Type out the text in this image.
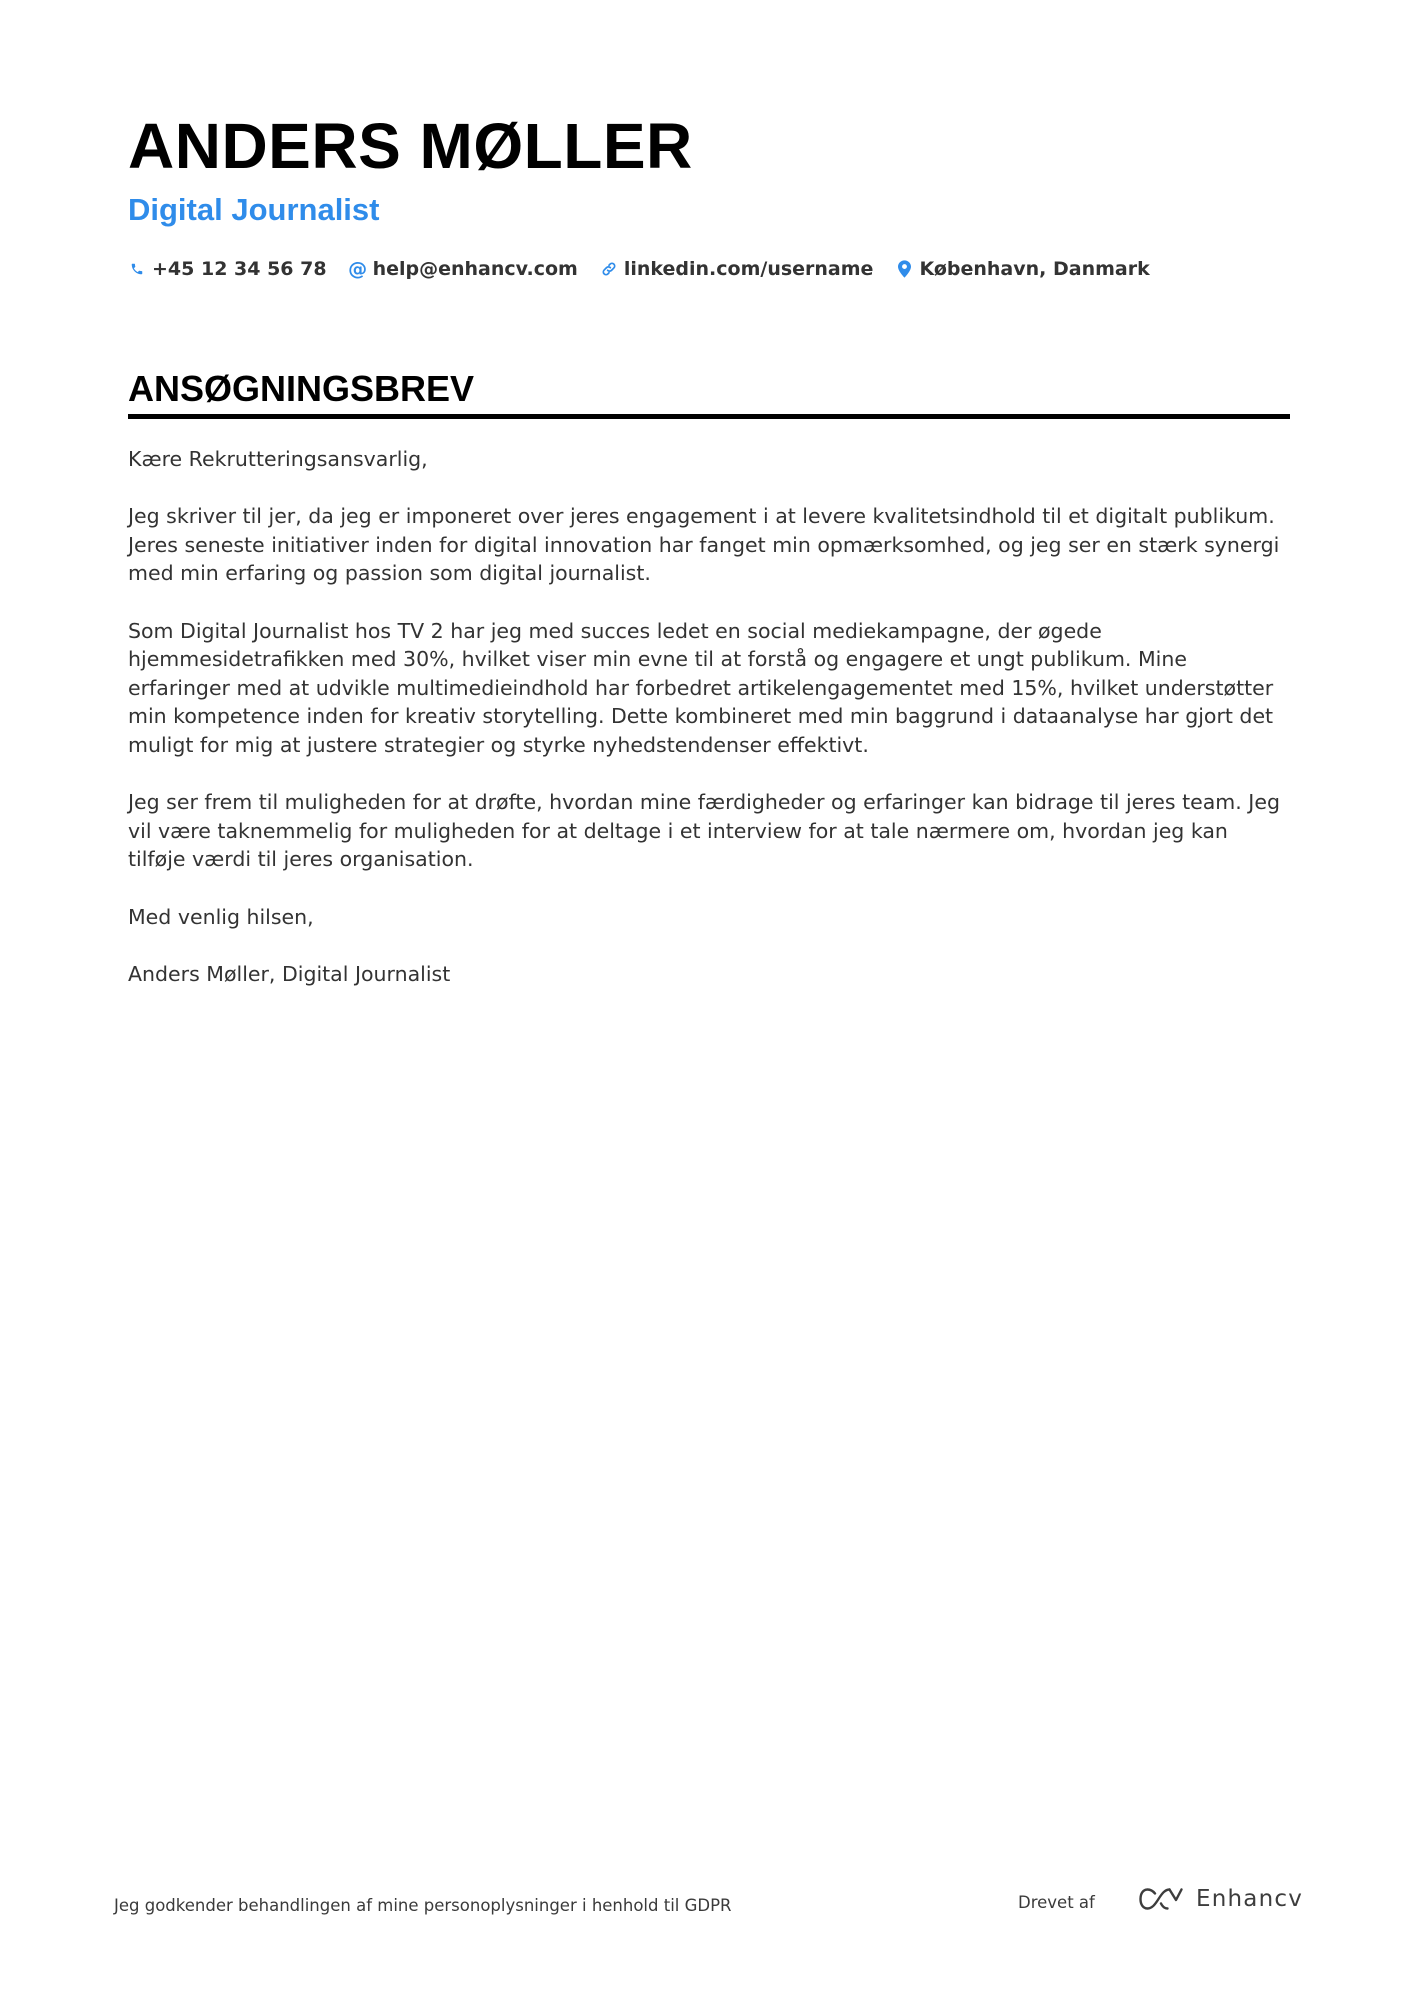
ANDERS MØLLER
Digital Journalist
+45 12 34 56 78 @ help@enhancv.com linkedin.com/username København, Danmark
ANSØGNINGSBREV

Kære Rekrutteringsansvarlig,

Jeg skriver til jer, da jeg er imponeret over jeres engagement i at levere kvalitetsindhold til et digitalt publikum. Jeres seneste initiativer inden for digital innovation har fanget min opmærksomhed, og jeg ser en stærk synergi med min erfaring og passion som digital journalist.

Som Digital Journalist hos TV 2 har jeg med succes ledet en social mediekampagne, der øgede hjemmesidetrafikken med 30%, hvilket viser min evne til at forstå og engagere et ungt publikum. Mine erfaringer med at udvikle multimedieindhold har forbedret artikelengagementet med 15%, hvilket understøtter min kompetence inden for kreativ storytelling. Dette kombineret med min baggrund i dataanalyse har gjort det muligt for mig at justere strategier og styrke nyhedstendenser effektivt.

Jeg ser frem til muligheden for at drøfte, hvordan mine færdigheder og erfaringer kan bidrage til jeres team. Jeg vil være taknemmelig for muligheden for at deltage i et interview for at tale nærmere om, hvordan jeg kan tilføje værdi til jeres organisation.

Med venlig hilsen,

Anders Møller, Digital Journalist

Jeg godkender behandlingen af mine personoplysninger i henhold til GDPR	Drevet af	Enhancv
